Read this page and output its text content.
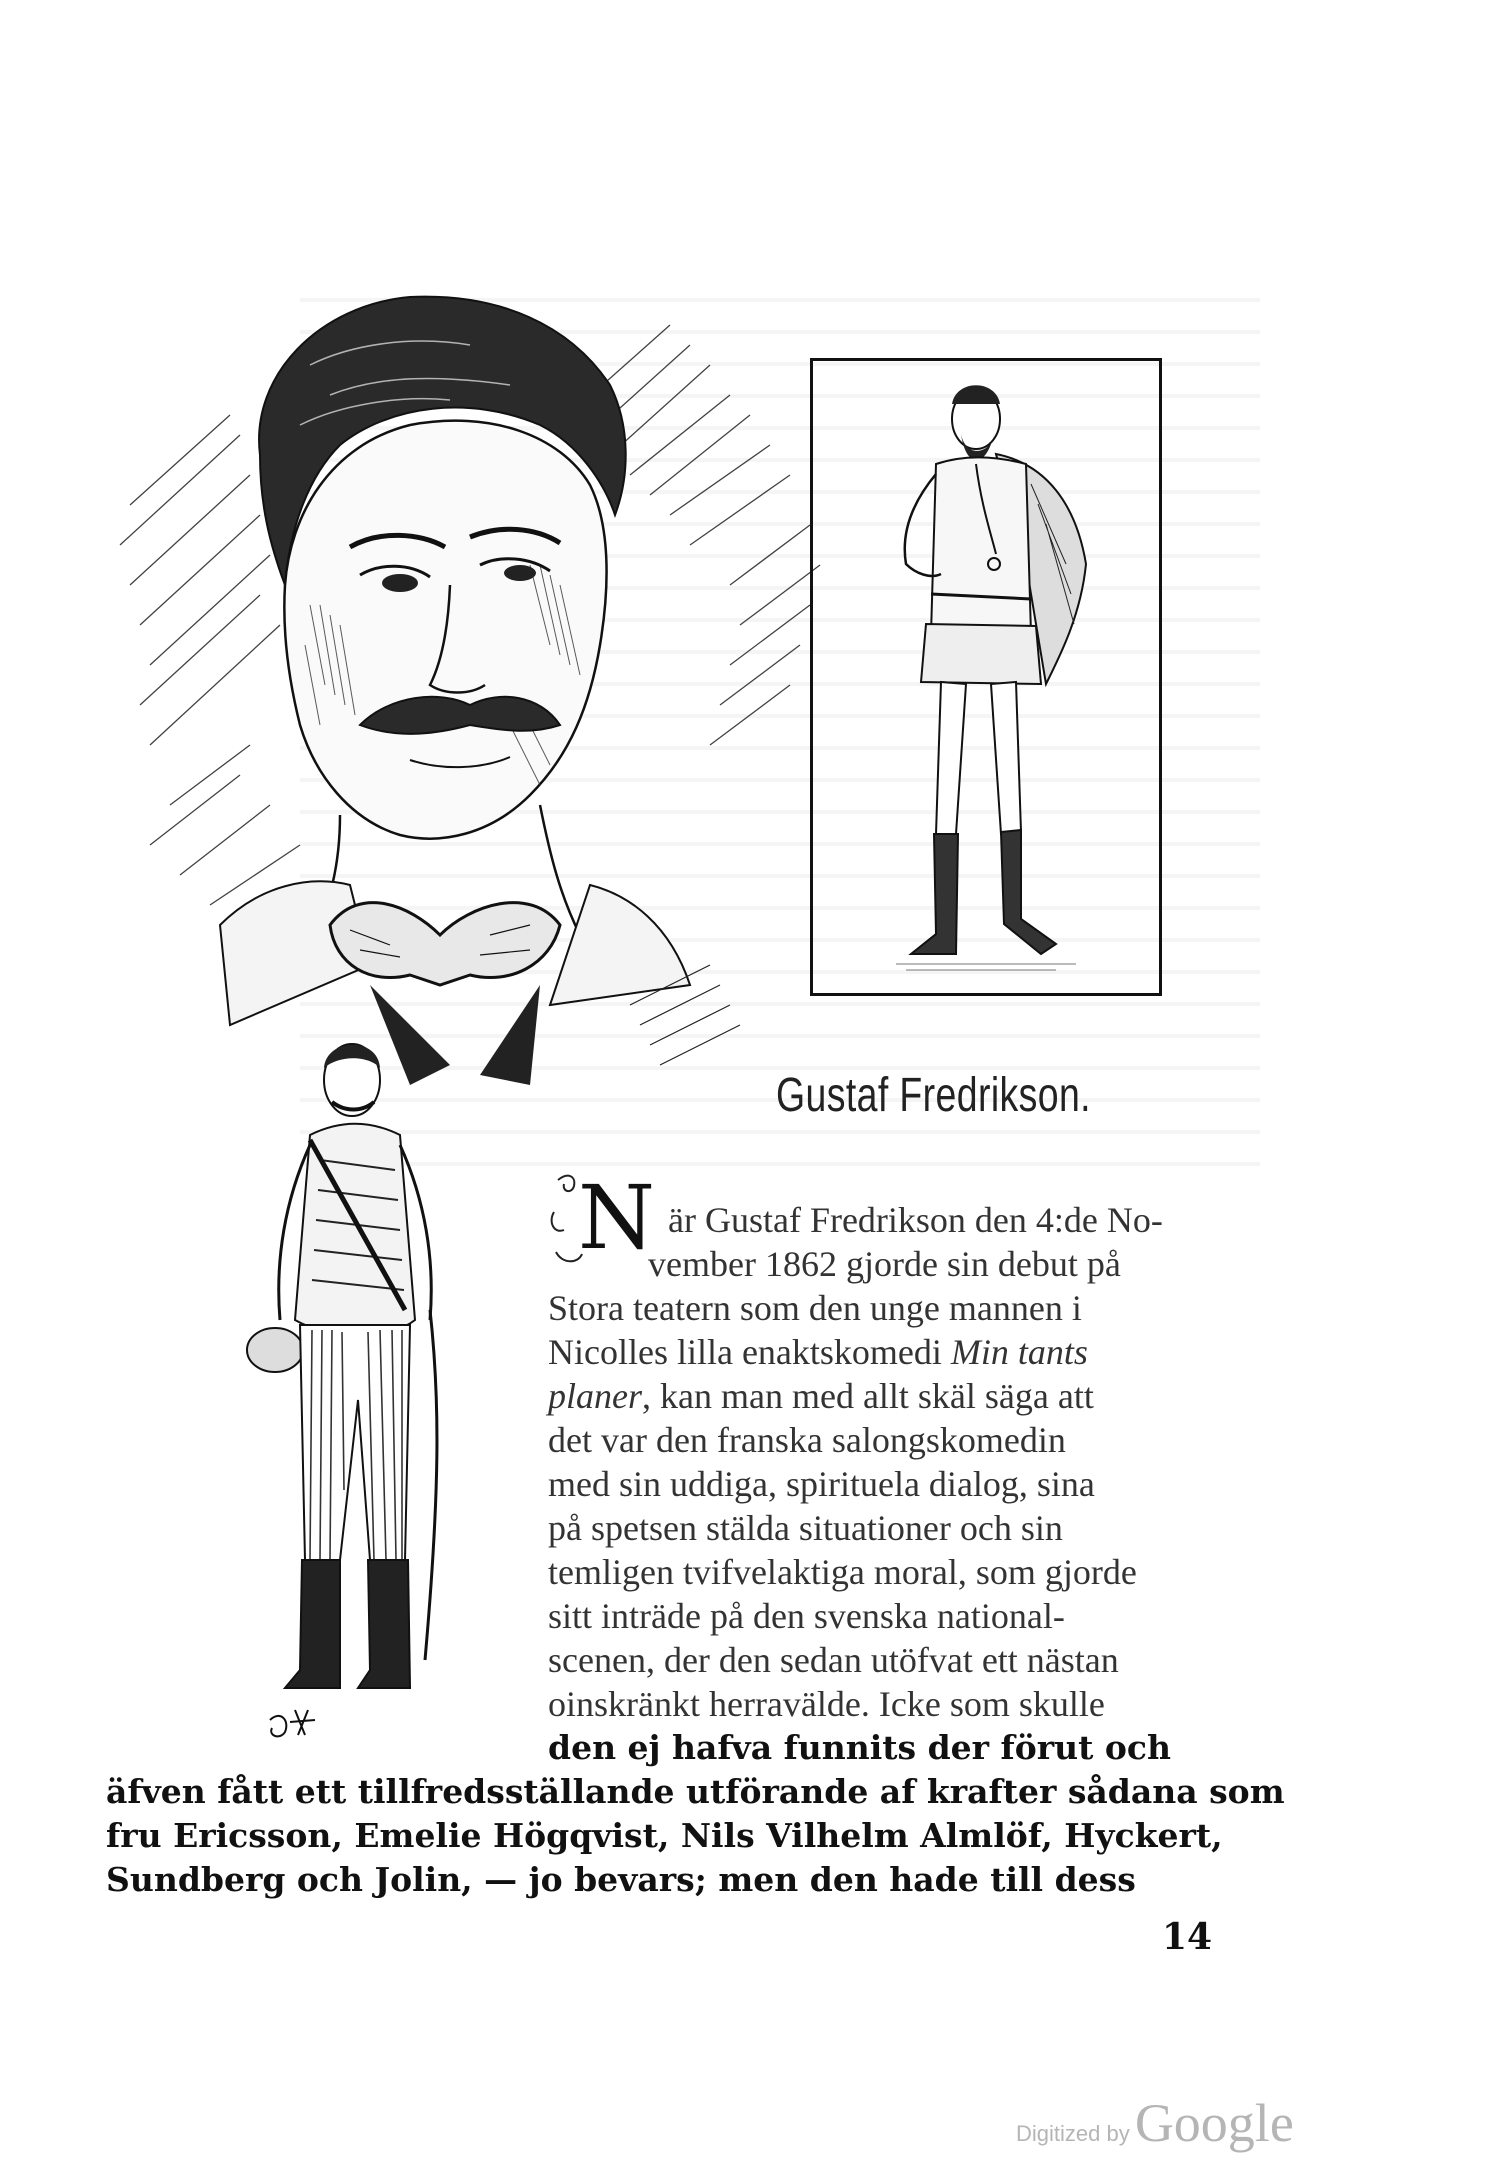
Gustaf Fredrikson.
N är Gustaf Fredrikson den 4:de No-
vember 1862 gjorde sin debut på
Stora teatern som den unge mannen i
Nicolles lilla enaktskomedi Min tants
planer, kan man med allt skäl säga att
det var den franska salongskomedin
med sin uddiga, spirituela dialog, sina
på spetsen stälda situationer och sin
temligen tvifvelaktiga moral, som gjorde
sitt inträde på den svenska national-
scenen, der den sedan utöfvat ett nästan
oinskränkt herravälde. Icke som skulle
den ej hafva funnits der förut och
äfven fått ett tillfredsställande utförande af krafter sådana som
fru Ericsson, Emelie Högqvist, Nils Vilhelm Almlöf, Hyckert,
Sundberg och Jolin, — jo bevars; men den hade till dess
14
Digitized by Google
